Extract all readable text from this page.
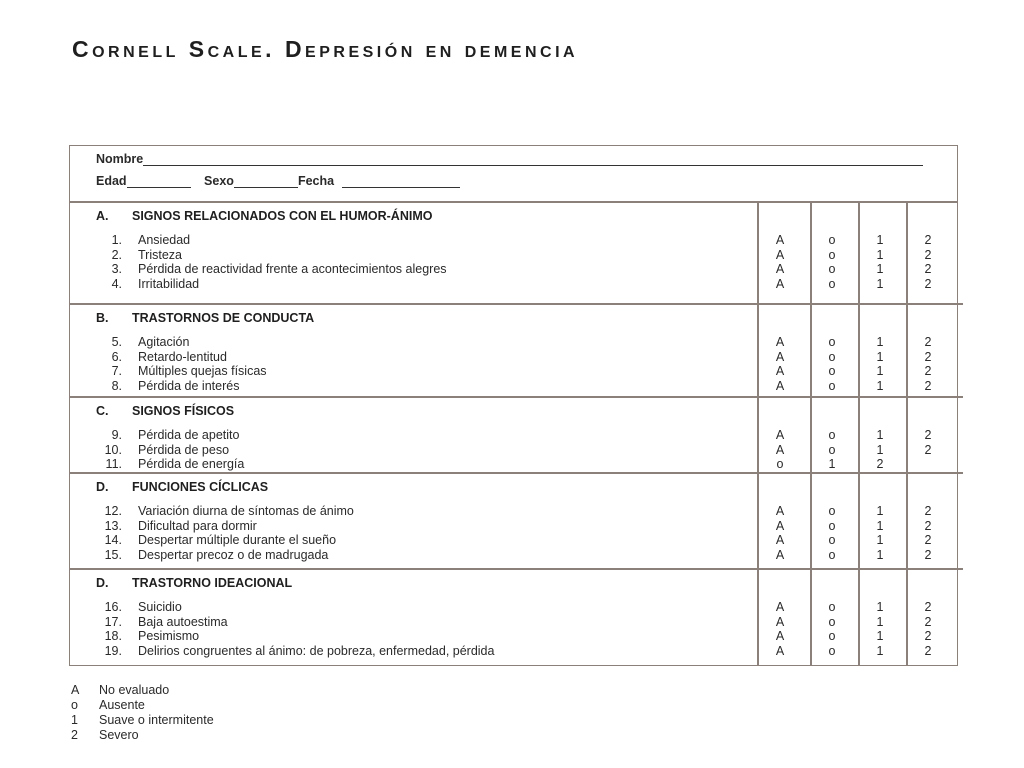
Cornell Scale. Depresión en demencia
Nombre
Edad	Sexo	Fecha
A. SIGNOS RELACIONADOS CON EL HUMOR-ÁNIMO
1. Ansiedad	A	o	1	2
2. Tristeza	A	o	1	2
3. Pérdida de reactividad frente a acontecimientos alegres	A	o	1	2
4. Irritabilidad	A	o	1	2
B. TRASTORNOS DE CONDUCTA
5. Agitación	A	o	1	2
6. Retardo-lentitud	A	o	1	2
7. Múltiples quejas físicas	A	o	1	2
8. Pérdida de interés	A	o	1	2
C. SIGNOS FÍSICOS
9. Pérdida de apetito	A	o	1	2
10. Pérdida de peso	A	o	1	2
11. Pérdida de energía	o	1	2
D. FUNCIONES CÍCLICAS
12. Variación diurna de síntomas de ánimo	A	o	1	2
13. Dificultad para dormir	A	o	1	2
14. Despertar múltiple durante el sueño	A	o	1	2
15. Despertar precoz o de madrugada	A	o	1	2
D. TRASTORNO IDEACIONAL
16. Suicidio	A	o	1	2
17. Baja autoestima	A	o	1	2
18. Pesimismo	A	o	1	2
19. Delirios congruentes al ánimo: de pobreza, enfermedad, pérdida	A	o	1	2
A No evaluado
o Ausente
1 Suave o intermitente
2 Severo
